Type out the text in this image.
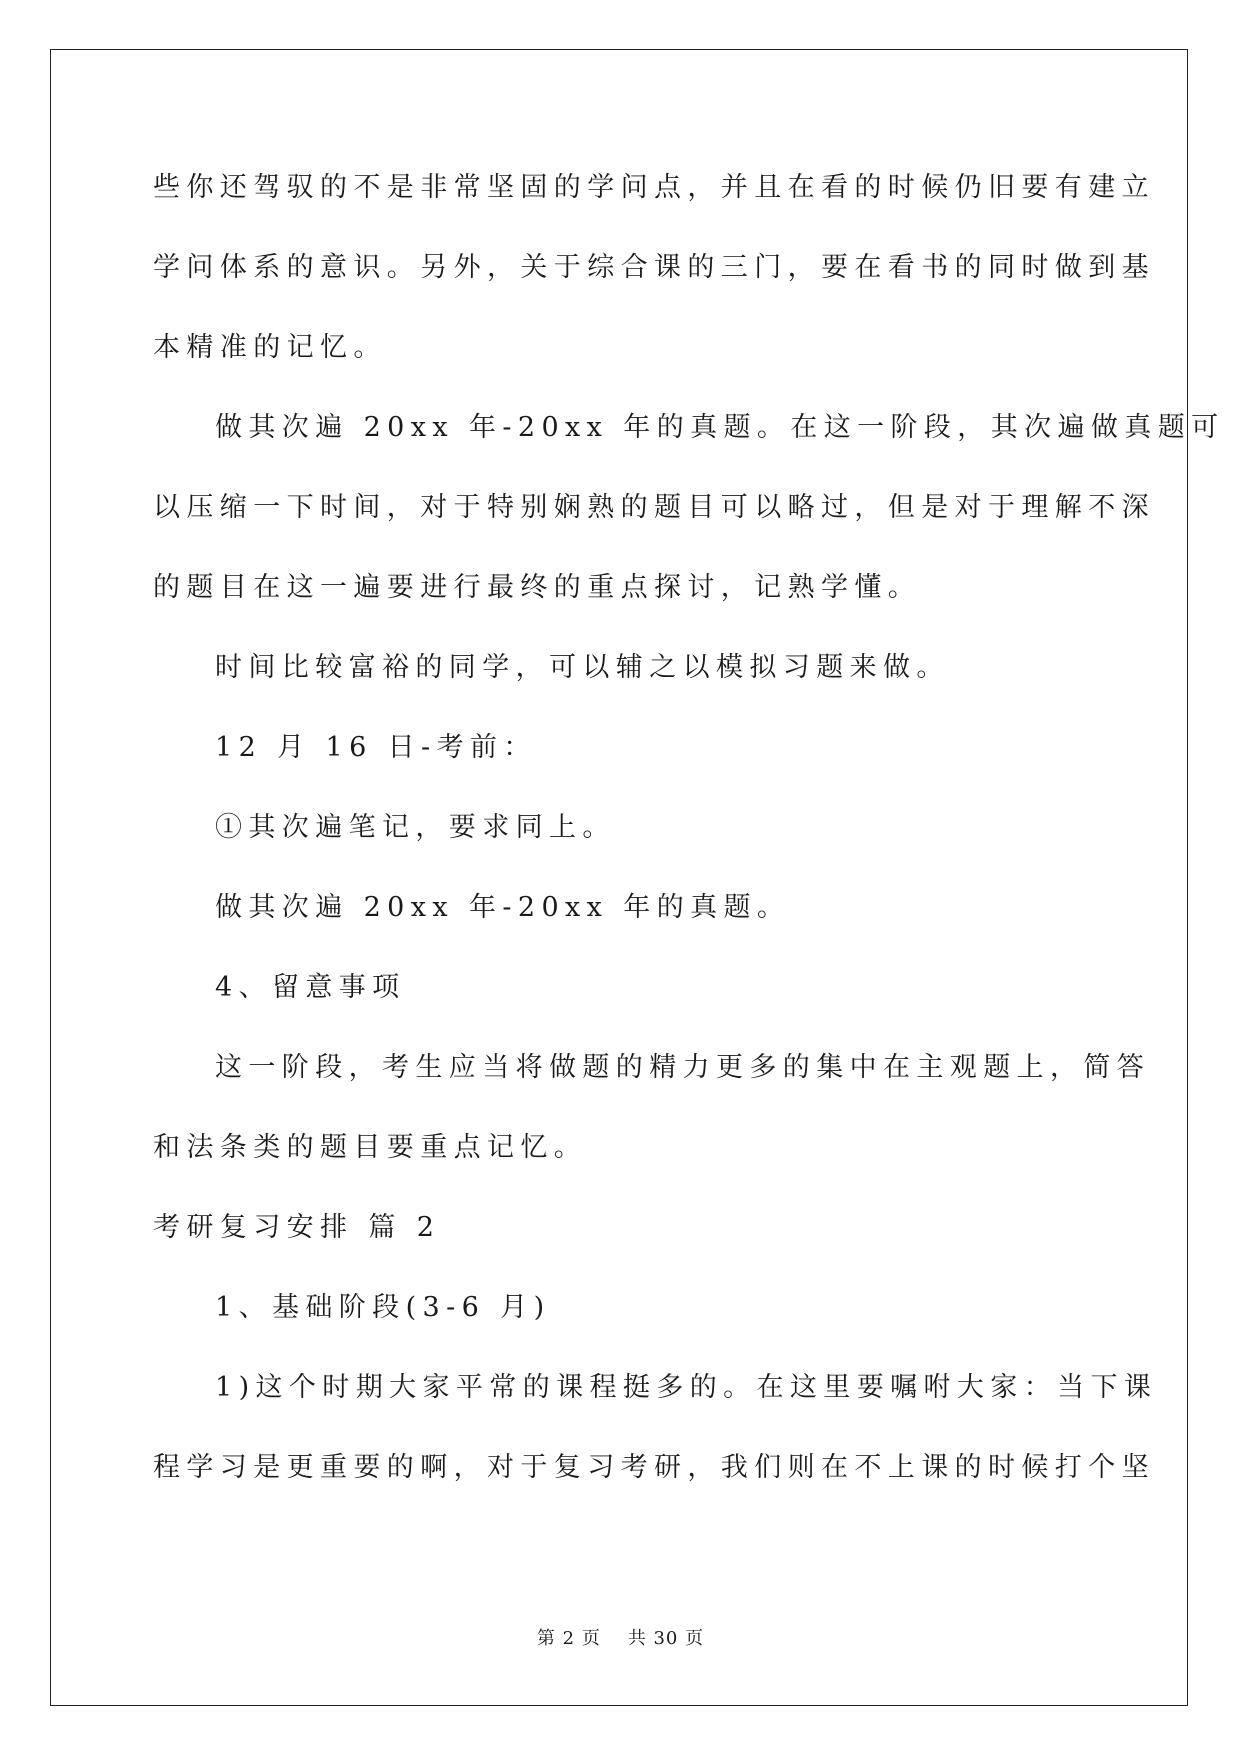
些你还驾驭的不是非常坚固的学问点，并且在看的时候仍旧要有建立
学问体系的意识。另外，关于综合课的三门，要在看书的同时做到基
本精准的记忆。
做其次遍 20xx 年-20xx 年的真题。在这一阶段，其次遍做真题可
以压缩一下时间，对于特别娴熟的题目可以略过，但是对于理解不深
的题目在这一遍要进行最终的重点探讨，记熟学懂。
时间比较富裕的同学，可以辅之以模拟习题来做。
12 月 16 日-考前：
①其次遍笔记，要求同上。
做其次遍 20xx 年-20xx 年的真题。
4、留意事项
这一阶段，考生应当将做题的精力更多的集中在主观题上，简答
和法条类的题目要重点记忆。
考研复习安排 篇 2
1、基础阶段(3-6 月)
1)这个时期大家平常的课程挺多的。在这里要嘱咐大家：当下课
程学习是更重要的啊，对于复习考研，我们则在不上课的时候打个坚
第 2 页 共 30 页
